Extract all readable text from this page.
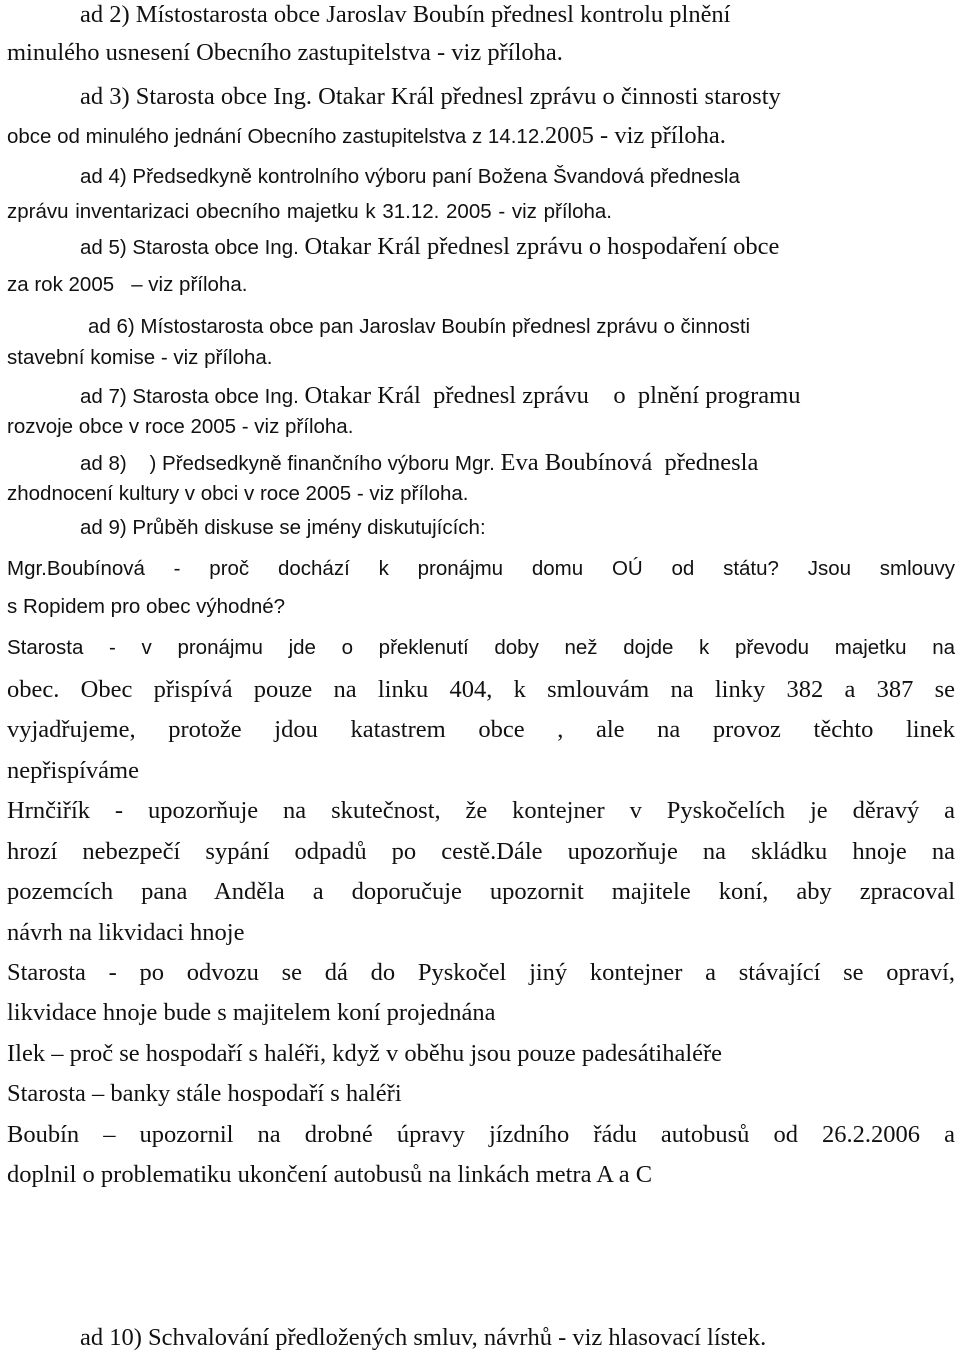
ad 2) Místostarosta obce Jaroslav Boubín přednesl kontrolu plnění
minulého usnesení Obecního zastupitelstva - viz příloha.
ad 3) Starosta obce Ing. Otakar Král přednesl zprávu o činnosti starosty
obce od minulého jednání Obecního zastupitelstva z 14.12.2005 - viz příloha.
ad 4) Předsedkyně kontrolního výboru paní Božena Švandová přednesla
zprávu inventarizaci obecního majetku k 31.12. 2005 - viz příloha.
ad 5) Starosta obce Ing. Otakar Král přednesl zprávu o hospodaření obce
za rok 2005   – viz příloha.
ad 6) Místostarosta obce pan Jaroslav Boubín přednesl zprávu o činnosti
stavební komise - viz příloha.
ad 7) Starosta obce Ing. Otakar Král  přednesl zprávu    o  plnění programu
rozvoje obce v roce 2005 - viz příloha.
ad 8)    ) Předsedkyně finančního výboru Mgr. Eva Boubínová  přednesla
zhodnocení kultury v obci v roce 2005 - viz příloha.
ad 9) Průběh diskuse se jmény diskutujících:
Mgr.Boubínová - proč dochází k pronájmu domu OÚ od státu? Jsou smlouvy
s Ropidem pro obec výhodné?
Starosta - v pronájmu jde o překlenutí doby než dojde k převodu majetku na
obec. Obec přispívá pouze na linku 404, k smlouvám na linky 382 a 387 se
vyjadřujeme, protože jdou katastrem obce , ale na provoz těchto linek
nepřispíváme
Hrnčiřík - upozorňuje na skutečnost, že kontejner v Pyskočelích je děravý a
hrozí nebezpečí sypání odpadů po cestě.Dále upozorňuje na skládku hnoje na
pozemcích pana Anděla a doporučuje upozornit majitele koní, aby zpracoval
návrh na likvidaci hnoje
Starosta - po odvozu se dá do Pyskočel jiný kontejner a stávající se opraví,
likvidace hnoje bude s majitelem koní projednána
Ilek – proč se hospodaří s haléři, když v oběhu jsou pouze padesátihaléře
Starosta – banky stále hospodaří s haléři
Boubín – upozornil na drobné úpravy jízdního řádu autobusů od 26.2.2006 a
doplnil o problematiku ukončení autobusů na linkách metra A a C
ad 10) Schvalování předložených smluv, návrhů - viz hlasovací lístek.
